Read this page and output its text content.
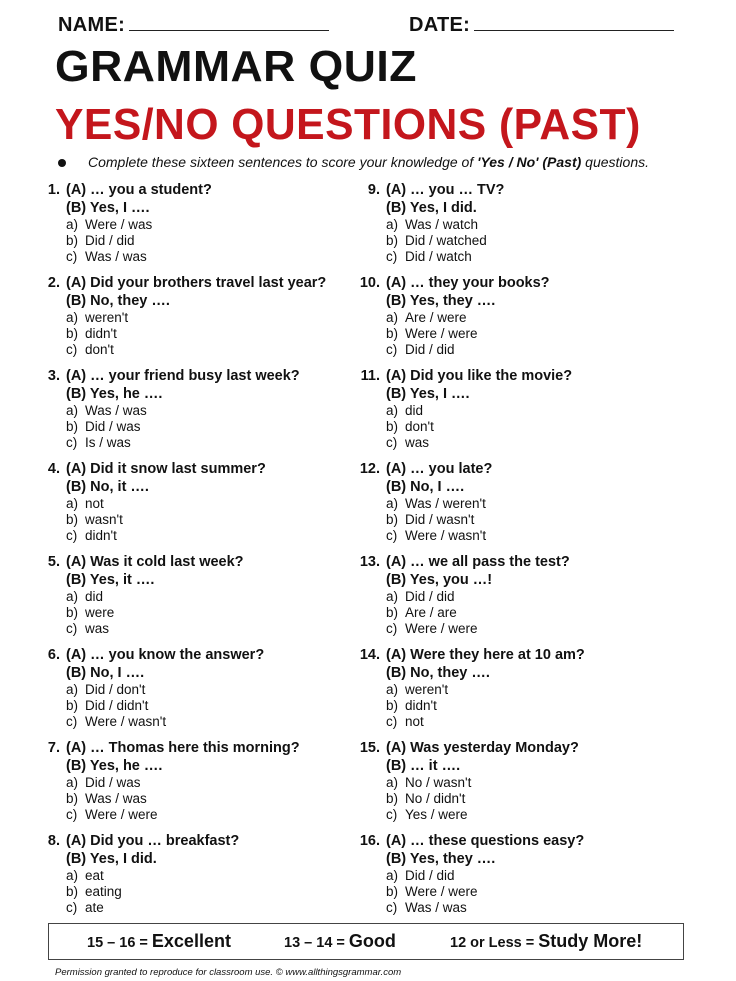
NAME:	DATE:
GRAMMAR QUIZ
YES/NO QUESTIONS (PAST)
Complete these sixteen sentences to score your knowledge of 'Yes / No' (Past) questions.
1. (A) … you a student?
(B) Yes, I ….
a) Were / was
b) Did / did
c) Was / was
2. (A) Did your brothers travel last year?
(B) No, they ….
a) weren't
b) didn't
c) don't
3. (A) … your friend busy last week?
(B) Yes, he ….
a) Was / was
b) Did / was
c) Is / was
4. (A) Did it snow last summer?
(B) No, it ….
a) not
b) wasn't
c) didn't
5. (A) Was it cold last week?
(B) Yes, it ….
a) did
b) were
c) was
6. (A) … you know the answer?
(B) No, I ….
a) Did / don't
b) Did / didn't
c) Were / wasn't
7. (A) … Thomas here this morning?
(B) Yes, he ….
a) Did / was
b) Was / was
c) Were / were
8. (A) Did you … breakfast?
(B) Yes, I did.
a) eat
b) eating
c) ate
9. (A) … you … TV?
(B) Yes, I did.
a) Was / watch
b) Did / watched
c) Did / watch
10. (A) … they your books?
(B) Yes, they ….
a) Are / were
b) Were / were
c) Did / did
11. (A) Did you like the movie?
(B) Yes, I ….
a) did
b) don't
c) was
12. (A) … you late?
(B) No, I ….
a) Was / weren't
b) Did / wasn't
c) Were / wasn't
13. (A) … we all pass the test?
(B) Yes, you …!
a) Did / did
b) Are / are
c) Were / were
14. (A) Were they here at 10 am?
(B) No, they ….
a) weren't
b) didn't
c) not
15. (A) Was yesterday Monday?
(B) … it ….
a) No / wasn't
b) No / didn't
c) Yes / were
16. (A) … these questions easy?
(B) Yes, they ….
a) Did / did
b) Were / were
c) Was / was
15 – 16 = Excellent	13 – 14 = Good	12 or Less = Study More!
Permission granted to reproduce for classroom use. © www.allthingsgrammar.com
